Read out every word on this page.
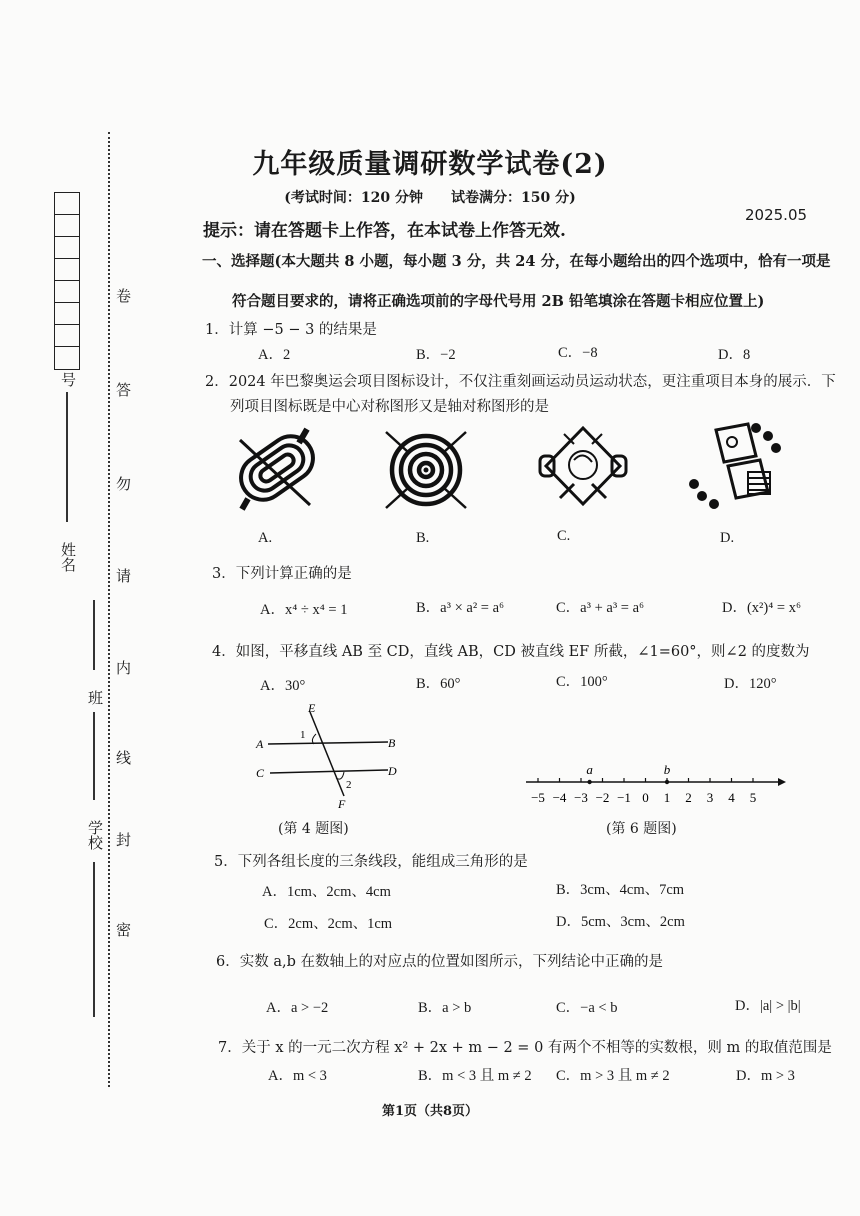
号
姓名
班
学校
卷
答
勿
请
内
线
封
密
九年级质量调研数学试卷(2)
(考试时间：120 分钟　　试卷满分：150 分)
2025.05
提示：请在答题卡上作答，在本试卷上作答无效.
一、选择题(本大题共 8 小题，每小题 3 分，共 24 分，在每小题给出的四个选项中，恰有一项是
符合题目要求的，请将正确选项前的字母代号用 2B 铅笔填涂在答题卡相应位置上)
1．计算 −5 − 3 的结果是
A．2	B．−2	C．−8	D．8
2．2024 年巴黎奥运会项目图标设计，不仅注重刻画运动员运动状态，更注重项目本身的展示．下
列项目图标既是中心对称图形又是轴对称图形的是
A.	B.	C.	D.
3．下列计算正确的是
A．x⁴ ÷ x⁴ = 1	B．a³ × a² = a⁶	C．a³ + a³ = a⁶	D．(x²)⁴ = x⁶
4．如图，平移直线 AB 至 CD，直线 AB，CD 被直线 EF 所截，∠1=60°，则∠2 的度数为
A．30°	B．60°	C．100°	D．120°
E
1
A	B
C	D
2
F
(第 4 题图)
−5 −4 −3 −2 −1 0 1 2 3 4 5
a	b
(第 6 题图)
5．下列各组长度的三条线段，能组成三角形的是
A．1cm、2cm、4cm	B．3cm、4cm、7cm
C．2cm、2cm、1cm	D．5cm、3cm、2cm
6．实数 a,b 在数轴上的对应点的位置如图所示，下列结论中正确的是
A．a > −2	B．a > b	C．−a < b	D．|a| > |b|
7．关于 x 的一元二次方程 x² + 2x + m − 2 = 0 有两个不相等的实数根，则 m 的取值范围是
A．m < 3	B．m < 3 且 m ≠ 2 C．m > 3 且 m ≠ 2	D．m > 3
第1页（共8页）
